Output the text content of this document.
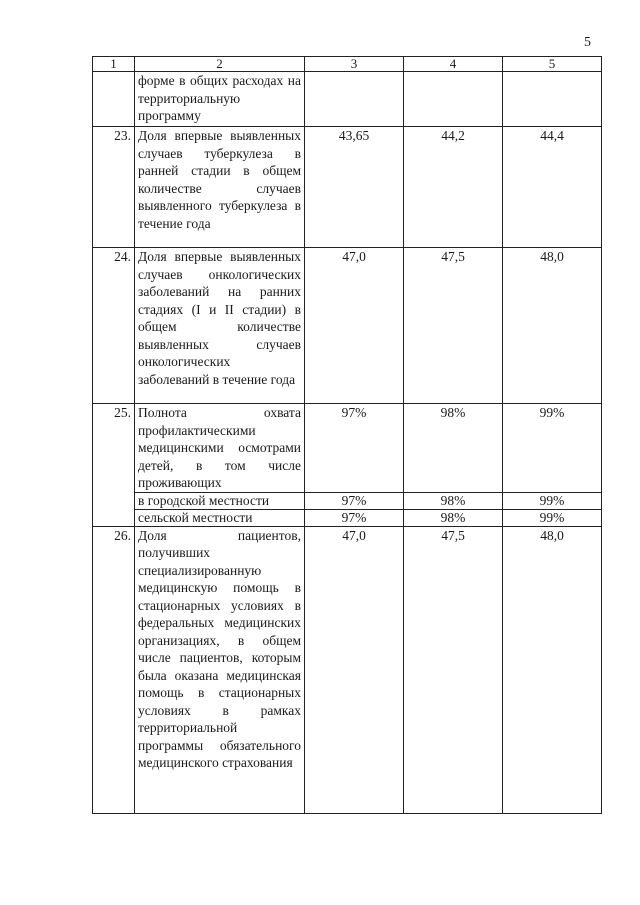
5
1	2	3	4	5
	форме в общих расходах на территориальную программу			
23.	Доля впервые выявленных случаев туберкулеза в ранней стадии в общем количестве случаев выявленного туберкулеза в течение года	43,65	44,2	44,4
24.	Доля впервые выявленных случаев онкологических заболеваний на ранних стадиях (I и II стадии) в общем количестве выявленных случаев онкологических заболеваний в течение года	47,0	47,5	48,0
25.	Полнота охвата профилактическими медицинскими осмотрами детей, в том числе проживающих	97%	98%	99%
	в городской местности	97%	98%	99%
	сельской местности	97%	98%	99%
26.	Доля пациентов, получивших специализированную медицинскую помощь в стационарных условиях в федеральных медицинских организациях, в общем числе пациентов, которым была оказана медицинская помощь в стационарных условиях в рамках территориальной программы обязательного медицинского страхования	47,0	47,5	48,0
